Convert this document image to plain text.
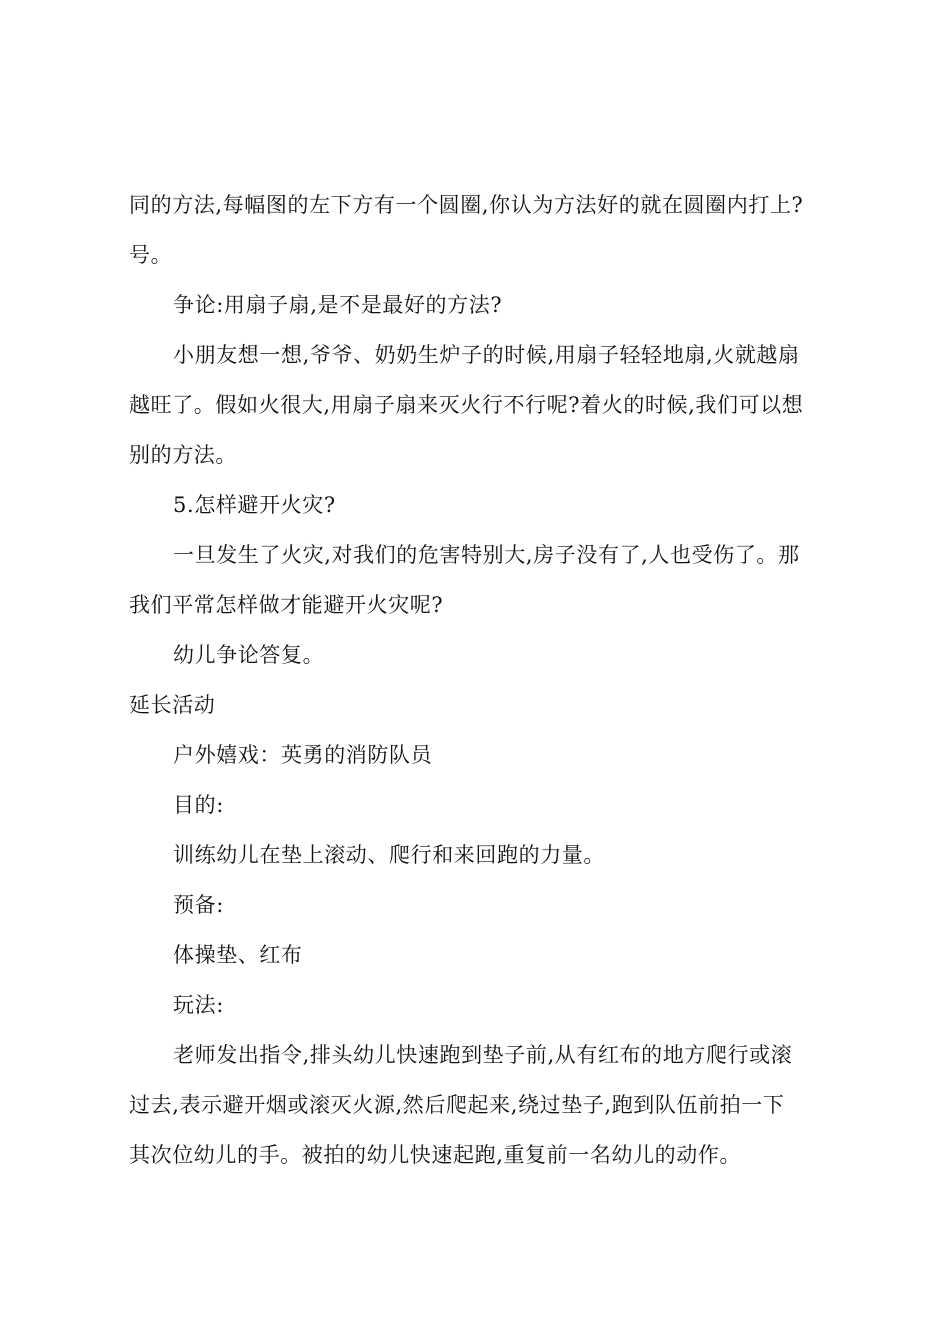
同的方法,每幅图的左下方有一个圆圈,你认为方法好的就在圆圈内打上?
号。
争论:用扇子扇,是不是最好的方法?
小朋友想一想,爷爷、奶奶生炉子的时候,用扇子轻轻地扇,火就越扇
越旺了。假如火很大,用扇子扇来灭火行不行呢?着火的时候,我们可以想
别的方法。
5.怎样避开火灾?
一旦发生了火灾,对我们的危害特别大,房子没有了,人也受伤了。那
我们平常怎样做才能避开火灾呢?
幼儿争论答复。
延长活动
户外嬉戏：英勇的消防队员
目的:
训练幼儿在垫上滚动、爬行和来回跑的力量。
预备:
体操垫、红布
玩法:
老师发出指令,排头幼儿快速跑到垫子前,从有红布的地方爬行或滚
过去,表示避开烟或滚灭火源,然后爬起来,绕过垫子,跑到队伍前拍一下
其次位幼儿的手。被拍的幼儿快速起跑,重复前一名幼儿的动作。
